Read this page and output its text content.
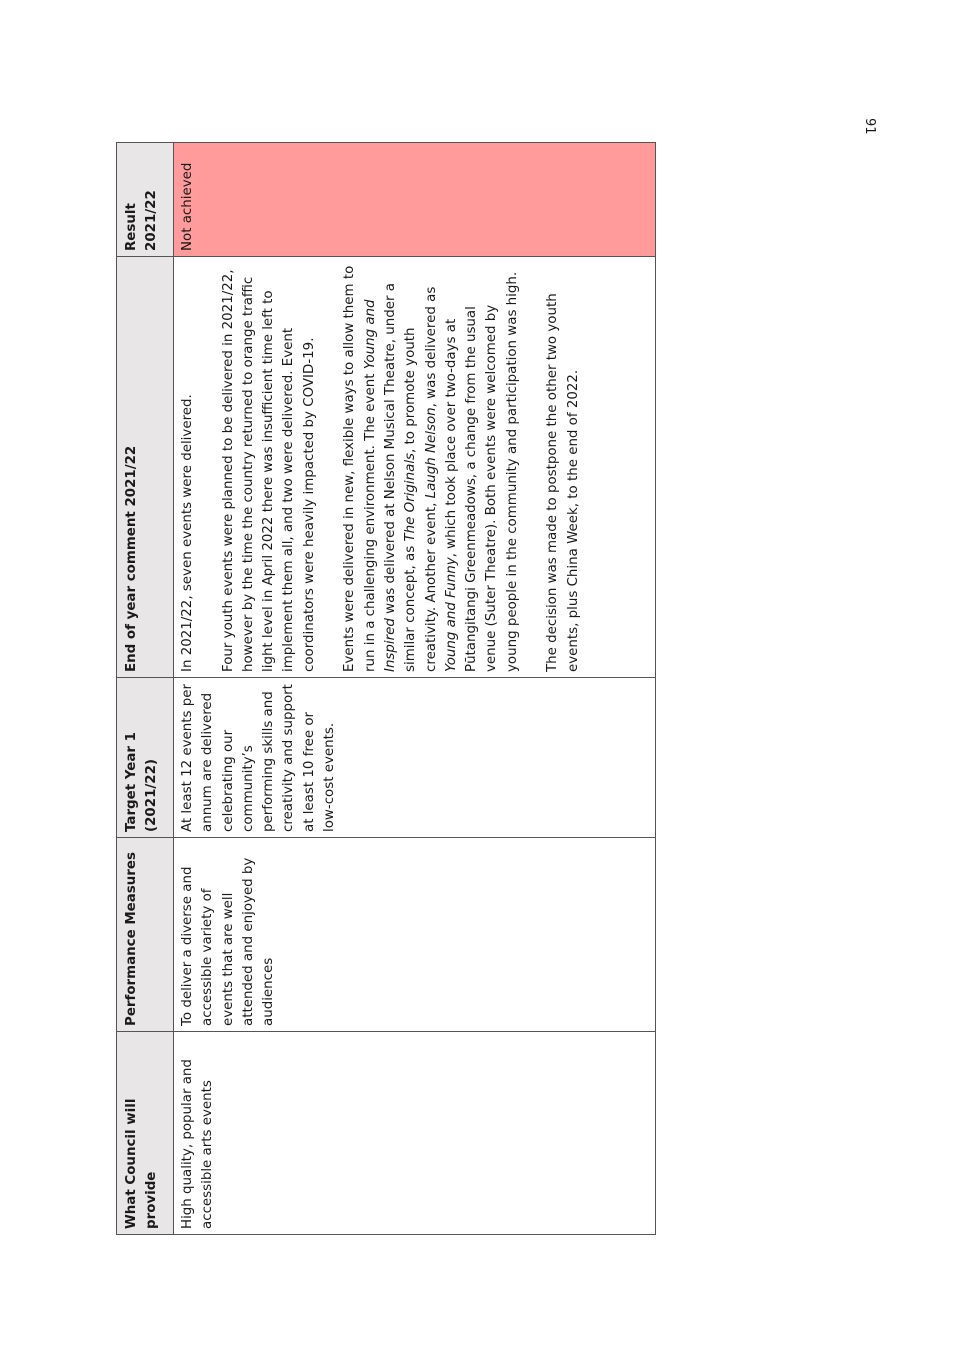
91
What Council will provide	Performance Measures	Target Year 1 (2021/22)	End of year comment 2021/22	Result 2021/22
High quality, popular and accessible arts events	To deliver a diverse and accessible variety of events that are well attended and enjoyed by audiences	At least 12 events per annum are delivered celebrating our community’s performing skills and creativity and support at least 10 free or low-cost events.	In 2021/22, seven events were delivered. Four youth events were planned to be delivered in 2021/22, however by the time the country returned to orange traffic light level in April 2022 there was insufficient time left to implement them all, and two were delivered. Event coordinators were heavily impacted by COVID-19. Events were delivered in new, flexible ways to allow them to run in a challenging environment. The event Young and Inspired was delivered at Nelson Musical Theatre, under a similar concept, as The Originals, to promote youth creativity. Another event, Laugh Nelson, was delivered as Young and Funny, which took place over two-days at Pūtangitangi Greenmeadows, a change from the usual venue (Suter Theatre). Both events were welcomed by young people in the community and participation was high. The decision was made to postpone the other two youth events, plus China Week, to the end of 2022.	Not achieved
